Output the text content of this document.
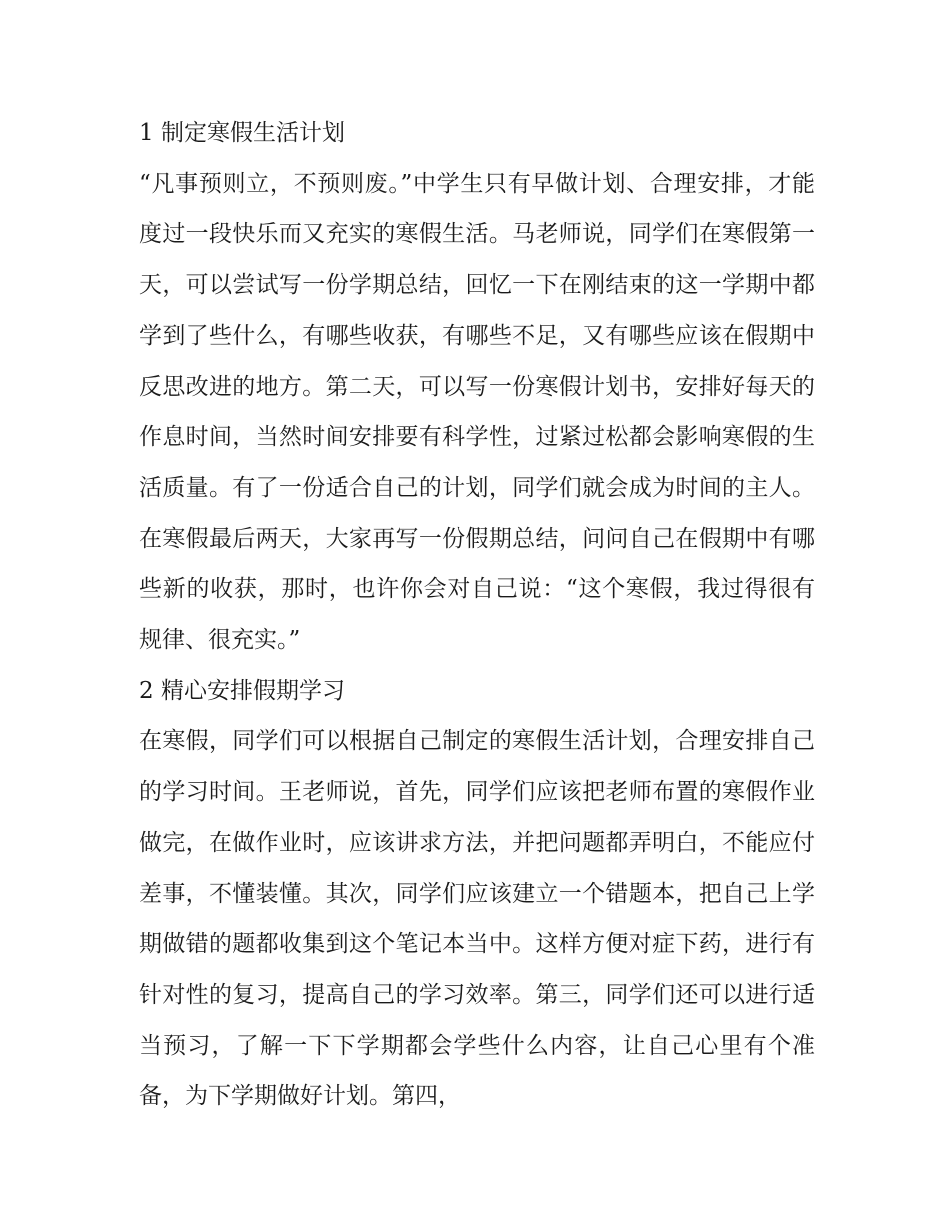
1 制定寒假生活计划

“凡事预则立，不预则废。”中学生只有早做计划、合理安排，才能度过一段快乐而又充实的寒假生活。马老师说，同学们在寒假第一天，可以尝试写一份学期总结，回忆一下在刚结束的这一学期中都学到了些什么，有哪些收获，有哪些不足，又有哪些应该在假期中反思改进的地方。第二天，可以写一份寒假计划书，安排好每天的作息时间，当然时间安排要有科学性，过紧过松都会影响寒假的生活质量。有了一份适合自己的计划，同学们就会成为时间的主人。在寒假最后两天，大家再写一份假期总结，问问自己在假期中有哪些新的收获，那时，也许你会对自己说：“这个寒假，我过得很有规律、很充实。”

2 精心安排假期学习

在寒假，同学们可以根据自己制定的寒假生活计划，合理安排自己的学习时间。王老师说，首先，同学们应该把老师布置的寒假作业做完，在做作业时，应该讲求方法，并把问题都弄明白，不能应付差事，不懂装懂。其次，同学们应该建立一个错题本，把自己上学期做错的题都收集到这个笔记本当中。这样方便对症下药，进行有针对性的复习，提高自己的学习效率。第三，同学们还可以进行适当预习，了解一下下学期都会学些什么内容，让自己心里有个准备，为下学期做好计划。第四，
